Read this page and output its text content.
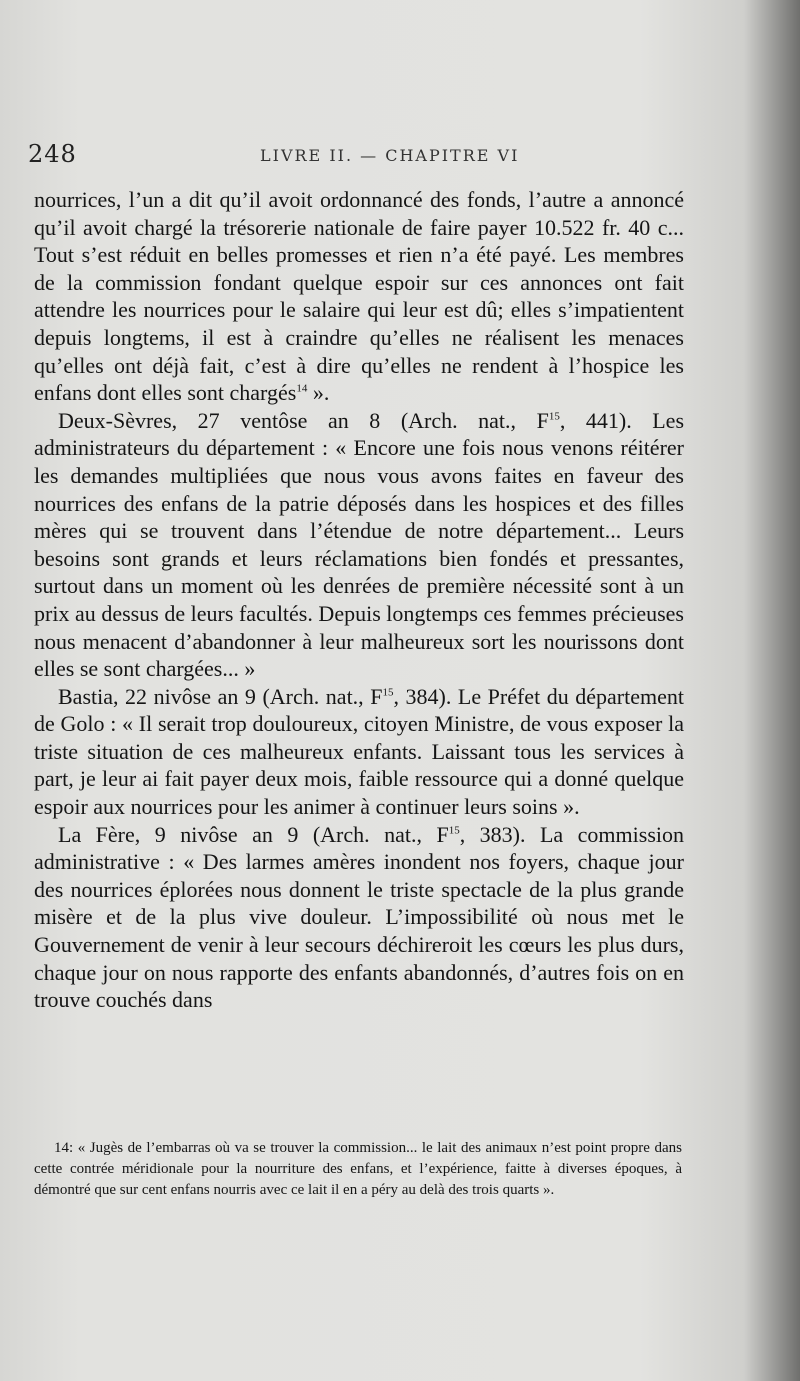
248	LIVRE II. — CHAPITRE VI

nourrices, l’un a dit qu’il avoit ordonnancé des fonds, l’autre a annoncé qu’il avoit chargé la trésorerie nationale de faire payer 10.522 fr. 40 c... Tout s’est réduit en belles promesses et rien n’a été payé. Les membres de la commission fondant quelque espoir sur ces annonces ont fait attendre les nourrices pour le salaire qui leur est dû; elles s’impatientent depuis longtems, il est à craindre qu’elles ne réalisent les menaces qu’elles ont déjà fait, c’est à dire qu’elles ne rendent à l’hospice les enfans dont elles sont chargés$^{14}$ ».

Deux-Sèvres, 27 ventôse an 8 (Arch. nat., $F^{15}$, 441). Les administrateurs du département : « Encore une fois nous venons réitérer les demandes multipliées que nous vous avons faites en faveur des nourrices des enfans de la patrie déposés dans les hospices et des filles mères qui se trouvent dans l’étendue de notre département... Leurs besoins sont grands et leurs réclamations bien fondés et pressantes, surtout dans un moment où les denrées de première nécessité sont à un prix au dessus de leurs facultés. Depuis longtemps ces femmes précieuses nous menacent d’abandonner à leur malheureux sort les nourissons dont elles se sont chargées... »

Bastia, 22 nivôse an 9 (Arch. nat., $F^{15}$, 384). Le Préfet du département de Golo : « Il serait trop douloureux, citoyen Ministre, de vous exposer la triste situation de ces malheureux enfants. Laissant tous les services à part, je leur ai fait payer deux mois, faible ressource qui a donné quelque espoir aux nourrices pour les animer à continuer leurs soins ».

La Fère, 9 nivôse an 9 (Arch. nat., $F^{15}$, 383). La commission administrative : « Des larmes amères inondent nos foyers, chaque jour des nourrices éplorées nous donnent le triste spectacle de la plus grande misère et de la plus vive douleur. L’impossibilité où nous met le Gouvernement de venir à leur secours déchireroit les cœurs les plus durs, chaque jour on nous rapporte des enfants abandonnés, d’autres fois on en trouve couchés dans

14: « Jugès de l’embarras où va se trouver la commission... le lait des animaux n’est point propre dans cette contrée méridionale pour la nourriture des enfans, et l’expérience, faitte à diverses époques, à démontré que sur cent enfans nourris avec ce lait il en a péry au delà des trois quarts ».
